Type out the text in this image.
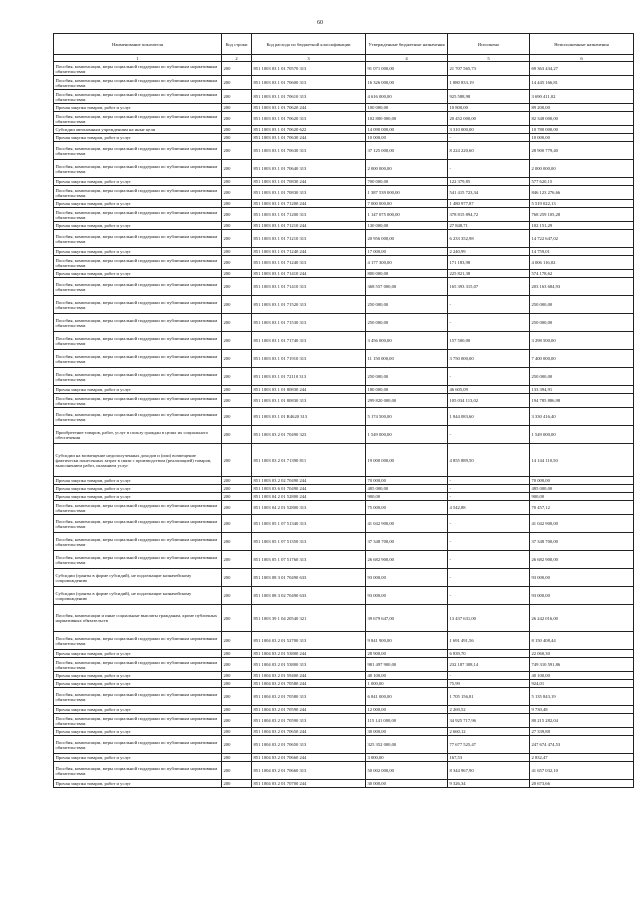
60
Наименование показателя	Код строки	Код расхода по бюджетной классификации	Утвержденные бюджетные назначения	Исполнено	Неисполненные назначения
1	2	3	4	5	6
Пособия, компенсации, меры социальной поддержки по публичным нормативным обязательствам	200	851 1003 03 1 01 70570 313	91 071 000,00	21 707 565,73	69 363 434,27
Пособия, компенсации, меры социальной поддержки по публичным нормативным обязательствам	200	851 1003 03 1 01 70600 313	16 326 000,00	1 880 833,19	14 445 166,81
Пособия, компенсации, меры социальной поддержки по публичным нормативным обязательствам	200	851 1003 03 1 01 70610 313	4 616 000,00	925 588,98	3 690 411,02
Прочая закупка товаров, работ и услуг	200	851 1003 03 1 01 70620 244	100 000,00	10 800,00	89 200,00
Пособия, компенсации, меры социальной поддержки по публичным нормативным обязательствам	200	851 1003 03 1 01 70620 313	102 800 000,00	20 452 000,00	82 348 000,00
Субсидии автономным учреждениям на иные цели	200	851 1003 03 1 01 70620 622	14 090 000,00	3 310 000,00	10 780 000,00
Прочая закупка товаров, работ и услуг	200	851 1003 03 1 01 70630 244	10 000,00	-	10 000,00
Пособия, компенсации, меры социальной поддержки по публичным нормативным обязательствам	200	851 1003 03 1 01 70630 313	37 125 000,00	8 224 220,60	28 900 779,40
Пособия, компенсации, меры социальной поддержки по публичным нормативным обязательствам	200	851 1003 03 1 01 70640 313	2 000 000,00	-	2 000 000,00
Прочая закупка товаров, работ и услуг	200	851 1003 03 1 01 70830 244	700 000,00	122 379,85	577 620,15
Пособия, компенсации, меры социальной поддержки по публичным нормативным обязательствам	200	851 1003 03 1 01 70830 313	1 387 539 000,00	541 415 723,34	846 123 276,66
Прочая закупка товаров, работ и услуг	200	851 1003 03 1 01 71200 244	7 000 000,00	1 480 977,87	5 519 022,13
Пособия, компенсации, меры социальной поддержки по публичным нормативным обязательствам	200	851 1003 03 1 01 71200 313	1 147 075 000,00	378 815 894,72	768 259 105,28
Прочая закупка товаров, работ и услуг	200	851 1003 03 1 01 71210 244	130 000,00	27 848,71	102 151,29
Пособия, компенсации, меры социальной поддержки по публичным нормативным обязательствам	200	851 1003 03 1 01 71210 313	20 956 000,00	6 233 352,98	14 722 647,02
Прочая закупка товаров, работ и услуг	200	851 1003 03 1 01 71240 244	17 000,00	2 240,99	14 759,01
Пособия, компенсации, меры социальной поддержки по публичным нормативным обязательствам	200	851 1003 03 1 01 71240 313	4 177 300,00	171 183,98	4 006 116,02
Прочая закупка товаров, работ и услуг	200	851 1003 03 1 01 71410 244	800 000,00	225 821,38	574 178,62
Пособия, компенсации, меры социальной поддержки по публичным нормативным обязательствам	200	851 1003 03 1 01 71410 313	368 557 000,00	165 393 315,07	203 163 684,93
Пособия, компенсации, меры социальной поддержки по публичным нормативным обязательствам	200	851 1003 03 1 01 71520 313	250 000,00	-	250 000,00
Пособия, компенсации, меры социальной поддержки по публичным нормативным обязательствам	200	851 1003 03 1 01 71530 313	250 000,00	-	250 000,00
Пособия, компенсации, меры социальной поддержки по публичным нормативным обязательствам	200	851 1003 03 1 01 71740 313	3 456 000,00	157 500,00	3 298 500,00
Пособия, компенсации, меры социальной поддержки по публичным нормативным обязательствам	200	851 1003 03 1 01 71910 313	11 150 000,00	3 750 000,00	7 400 000,00
Пособия, компенсации, меры социальной поддержки по публичным нормативным обязательствам	200	851 1003 03 1 01 72110 313	250 000,00	-	250 000,00
Прочая закупка товаров, работ и услуг	200	851 1003 03 1 01 80830 244	180 000,00	46 605,09	133 394,91
Пособия, компенсации, меры социальной поддержки по публичным нормативным обязательствам	200	851 1003 03 1 01 80830 313	299 820 000,00	105 034 113,02	194 785 886,98
Пособия, компенсации, меры социальной поддержки по публичным нормативным обязательствам	200	851 1003 03 1 01 R4620 313	5 174 500,00	1 844 083,60	3 330 416,40
Приобретение товаров, работ, услуг в пользу граждан в целях их социального обеспечения	200	851 1003 03 2 01 70490 323	1 549 000,00	-	1 549 000,00
Субсидии на возмещение недополученных доходов и (или) возмещение фактически понесенных затрат в связи с производством (реализацией) товаров, выполнением работ, оказанием услуг	200	851 1003 03 2 01 71390 811	19 000 000,00	4 855 889,50	14 144 110,50
Прочая закупка товаров, работ и услуг	200	851 1003 03 2 02 70490 244	70 000,00	-	70 000,00
Прочая закупка товаров, работ и услуг	200	851 1003 03 6 01 70490 244	485 000,00	-	485 000,00
Прочая закупка товаров, работ и услуг	200	851 1003 04 2 01 52800 244	900,00	-	900,00
Пособия, компенсации, меры социальной поддержки по публичным нормативным обязательствам	200	851 1003 04 2 01 52800 313	75 000,00	4 542,88	70 457,12
Пособия, компенсации, меры социальной поддержки по публичным нормативным обязательствам	200	851 1003 05 1 07 51340 313	41 042 900,00	-	41 042 900,00
Пособия, компенсации, меры социальной поддержки по публичным нормативным обязательствам	200	851 1003 05 1 07 51350 313	37 348 700,00	-	37 348 700,00
Пособия, компенсации, меры социальной поддержки по публичным нормативным обязательствам	200	851 1003 05 1 07 51760 313	26 682 900,00	-	26 682 900,00
Субсидии (гранты в форме субсидий), не подлежащие казначейскому сопровождению	200	851 1003 08 3 01 70490 633	93 000,00	-	93 000,00
Субсидии (гранты в форме субсидий), не подлежащие казначейскому сопровождению	200	851 1003 08 3 02 70490 633	93 000,00	-	93 000,00
Пособия, компенсации и иные социальные выплаты гражданам, кроме публичных нормативных обязательств	200	851 1003 39 1 04 20540 321	39 679 647,00	13 437 631,00	26 242 016,00
Пособия, компенсации, меры социальной поддержки по публичным нормативным обязательствам	200	851 1004 03 2 01 52700 313	9 841 900,00	1 691 491,56	8 150 408,44
Прочая закупка товаров, работ и услуг	200	851 1004 03 2 01 53800 244	28 900,00	6 839,70	22 060,30
Пособия, компенсации, меры социальной поддержки по публичным нормативным обязательствам	200	851 1004 03 2 01 53800 313	981 497 900,00	232 187 308,14	749 310 591,86
Прочая закупка товаров, работ и услуг	200	851 1004 03 2 01 59400 244	40 100,00	-	40 100,00
Прочая закупка товаров, работ и услуг	200	851 1004 03 2 01 70580 244	1 000,00	75,99	924,01
Пособия, компенсации, меры социальной поддержки по публичным нормативным обязательствам	200	851 1004 03 2 01 70580 313	6 841 000,00	1 705 156,81	5 135 843,19
Прочая закупка товаров, работ и услуг	200	851 1004 03 2 01 70590 244	12 000,00	2 269,52	9 730,48
Пособия, компенсации, меры социальной поддержки по публичным нормативным обязательствам	200	851 1004 03 2 01 70590 313	115 141 000,00	34 925 717,96	80 215 282,04
Прочая закупка товаров, работ и услуг	200	851 1004 03 2 01 70650 244	30 000,00	2 660,12	27 339,88
Пособия, компенсации, меры социальной поддержки по публичным нормативным обязательствам	200	851 1004 03 2 01 70650 313	325 352 000,00	77 677 525,47	247 674 474,53
Прочая закупка товаров, работ и услуг	200	851 1004 03 2 01 70660 244	3 000,00	167,53	2 832,47
Пособия, компенсации, меры социальной поддержки по публичным нормативным обязательствам	200	851 1004 03 2 01 70660 313	50 002 000,00	8 344 967,90	41 657 032,10
Прочая закупка товаров, работ и услуг	200	851 1004 03 2 01 70700 244	30 000,00	9 326,34	20 673,66
